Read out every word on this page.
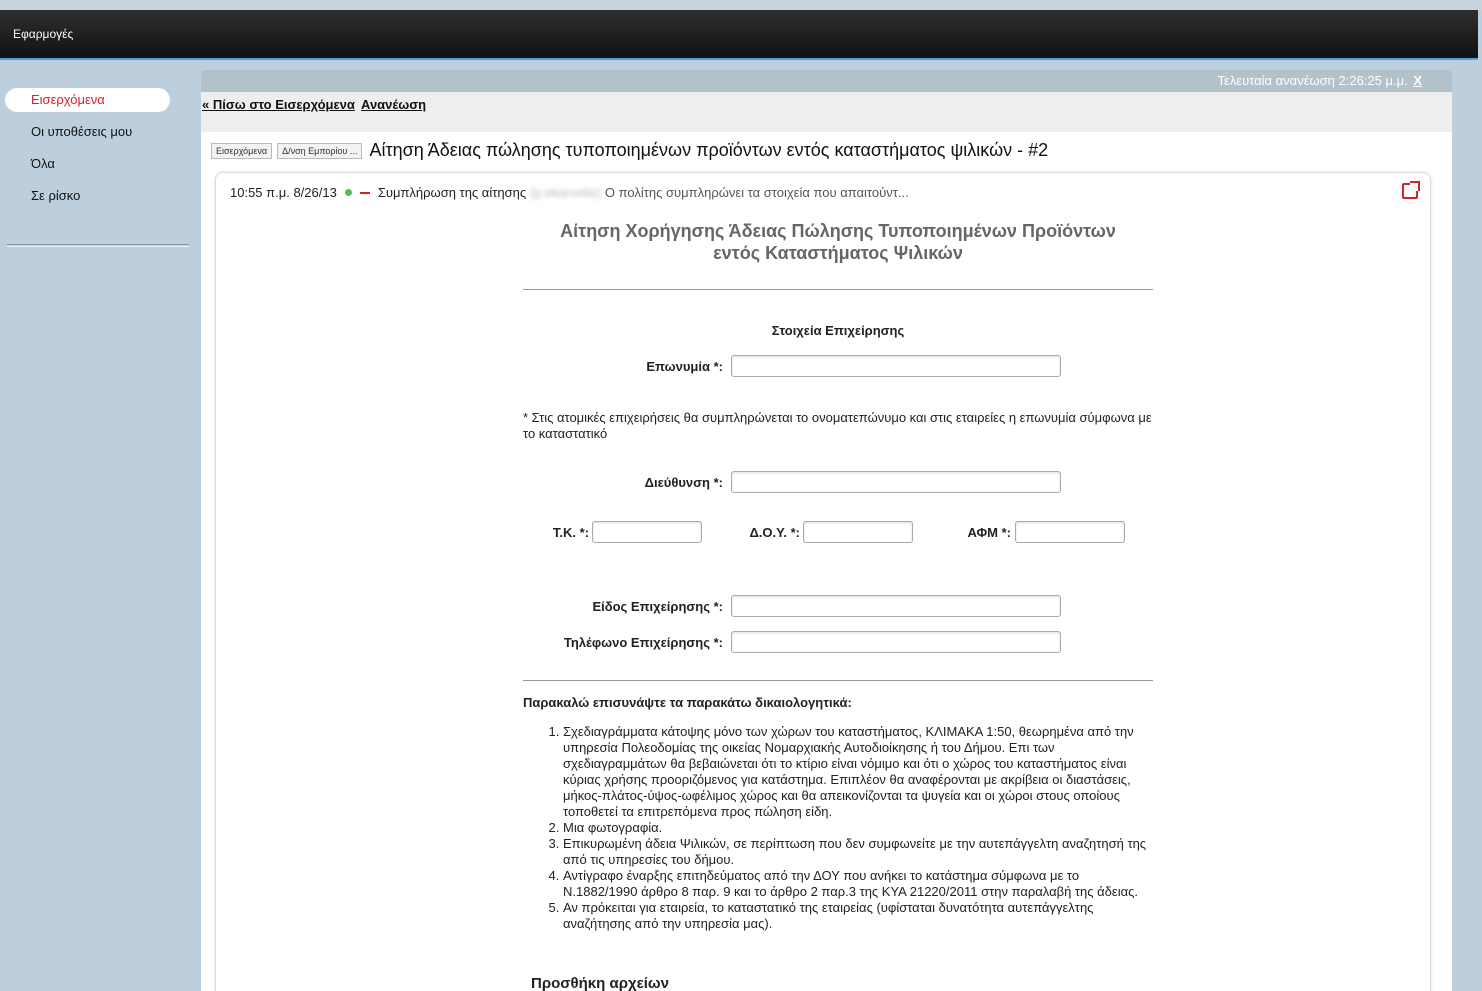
Εφαρμογές
Εισερχόμενα
Οι υποθέσεις μου
Όλα
Σε ρίσκο
Τελευταία ανανέωση 2:26:25 μ.μ. X
« Πίσω στο Εισερχόμενα Ανανέωση
Εισερχόμενα	Δ/νση Εμπορίου ... Αίτηση Άδειας πώλησης τυποποιημένων προϊόντων εντός καταστήματος ψιλικών - #2
10:55 π.μ. 8/26/13	Συμπλήρωση της αίτησης (p.ekarvelis) Ο πολίτης συμπληρώνει τα στοιχεία που απαιτούντ...
Αίτηση Χορήγησης Άδειας Πώλησης Τυποποιημένων Προϊόντων
εντός Καταστήματος Ψιλικών
Στοιχεία Επιχείρησης
Επωνυμία *:
* Στις ατομικές επιχειρήσεις θα συμπληρώνεται το ονοματεπώνυμο και στις εταιρείες η επωνυμία σύμφωνα με το καταστατικό
Διεύθυνση *:
Τ.Κ. *:	Δ.Ο.Υ. *:	ΑΦΜ *:
Είδος Επιχείρησης *:
Τηλέφωνο Επιχείρησης *:
Παρακαλώ επισυνάψτε τα παρακάτω δικαιολογητικά:
1. Σχεδιαγράμματα κάτοψης μόνο των χώρων του καταστήματος, ΚΛΙΜΑΚΑ 1:50, θεωρημένα από την υπηρεσία Πολεοδομίας της οικείας Νομαρχιακής Αυτοδιοίκησης ή του Δήμου. Επι των σχεδιαγραμμάτων θα βεβαιώνεται ότι το κτίριο είναι νόμιμο και ότι ο χώρος του καταστήματος είναι κύριας χρήσης προοριζόμενος για κατάστημα. Επιπλέον θα αναφέρονται με ακρίβεια οι διαστάσεις, μήκος-πλάτος-ύψος-ωφέλιμος χώρος και θα απεικονίζονται τα ψυγεία και οι χώροι στους οποίους τοποθετεί τα επιτρεπόμενα προς πώληση είδη.
2. Μια φωτογραφία.
3. Επικυρωμένη άδεια Ψιλικών, σε περίπτωση που δεν συμφωνείτε με την αυτεπάγγελτη αναζητησή της από τις υπηρεσίες του δήμου.
4. Αντίγραφο έναρξης επιτηδεύματος από την ΔΟΥ που ανήκει το κατάστημα σύμφωνα με το Ν.1882/1990 άρθρο 8 παρ. 9 και το άρθρο 2 παρ.3 της ΚΥΑ 21220/2011 στην παραλαβή της άδειας.
5. Αν πρόκειται για εταιρεία, το καταστατικό της εταιρείας (υφίσταται δυνατότητα αυτεπάγγελτης αναζήτησης από την υπηρεσία μας).
Προσθήκη αρχείων
